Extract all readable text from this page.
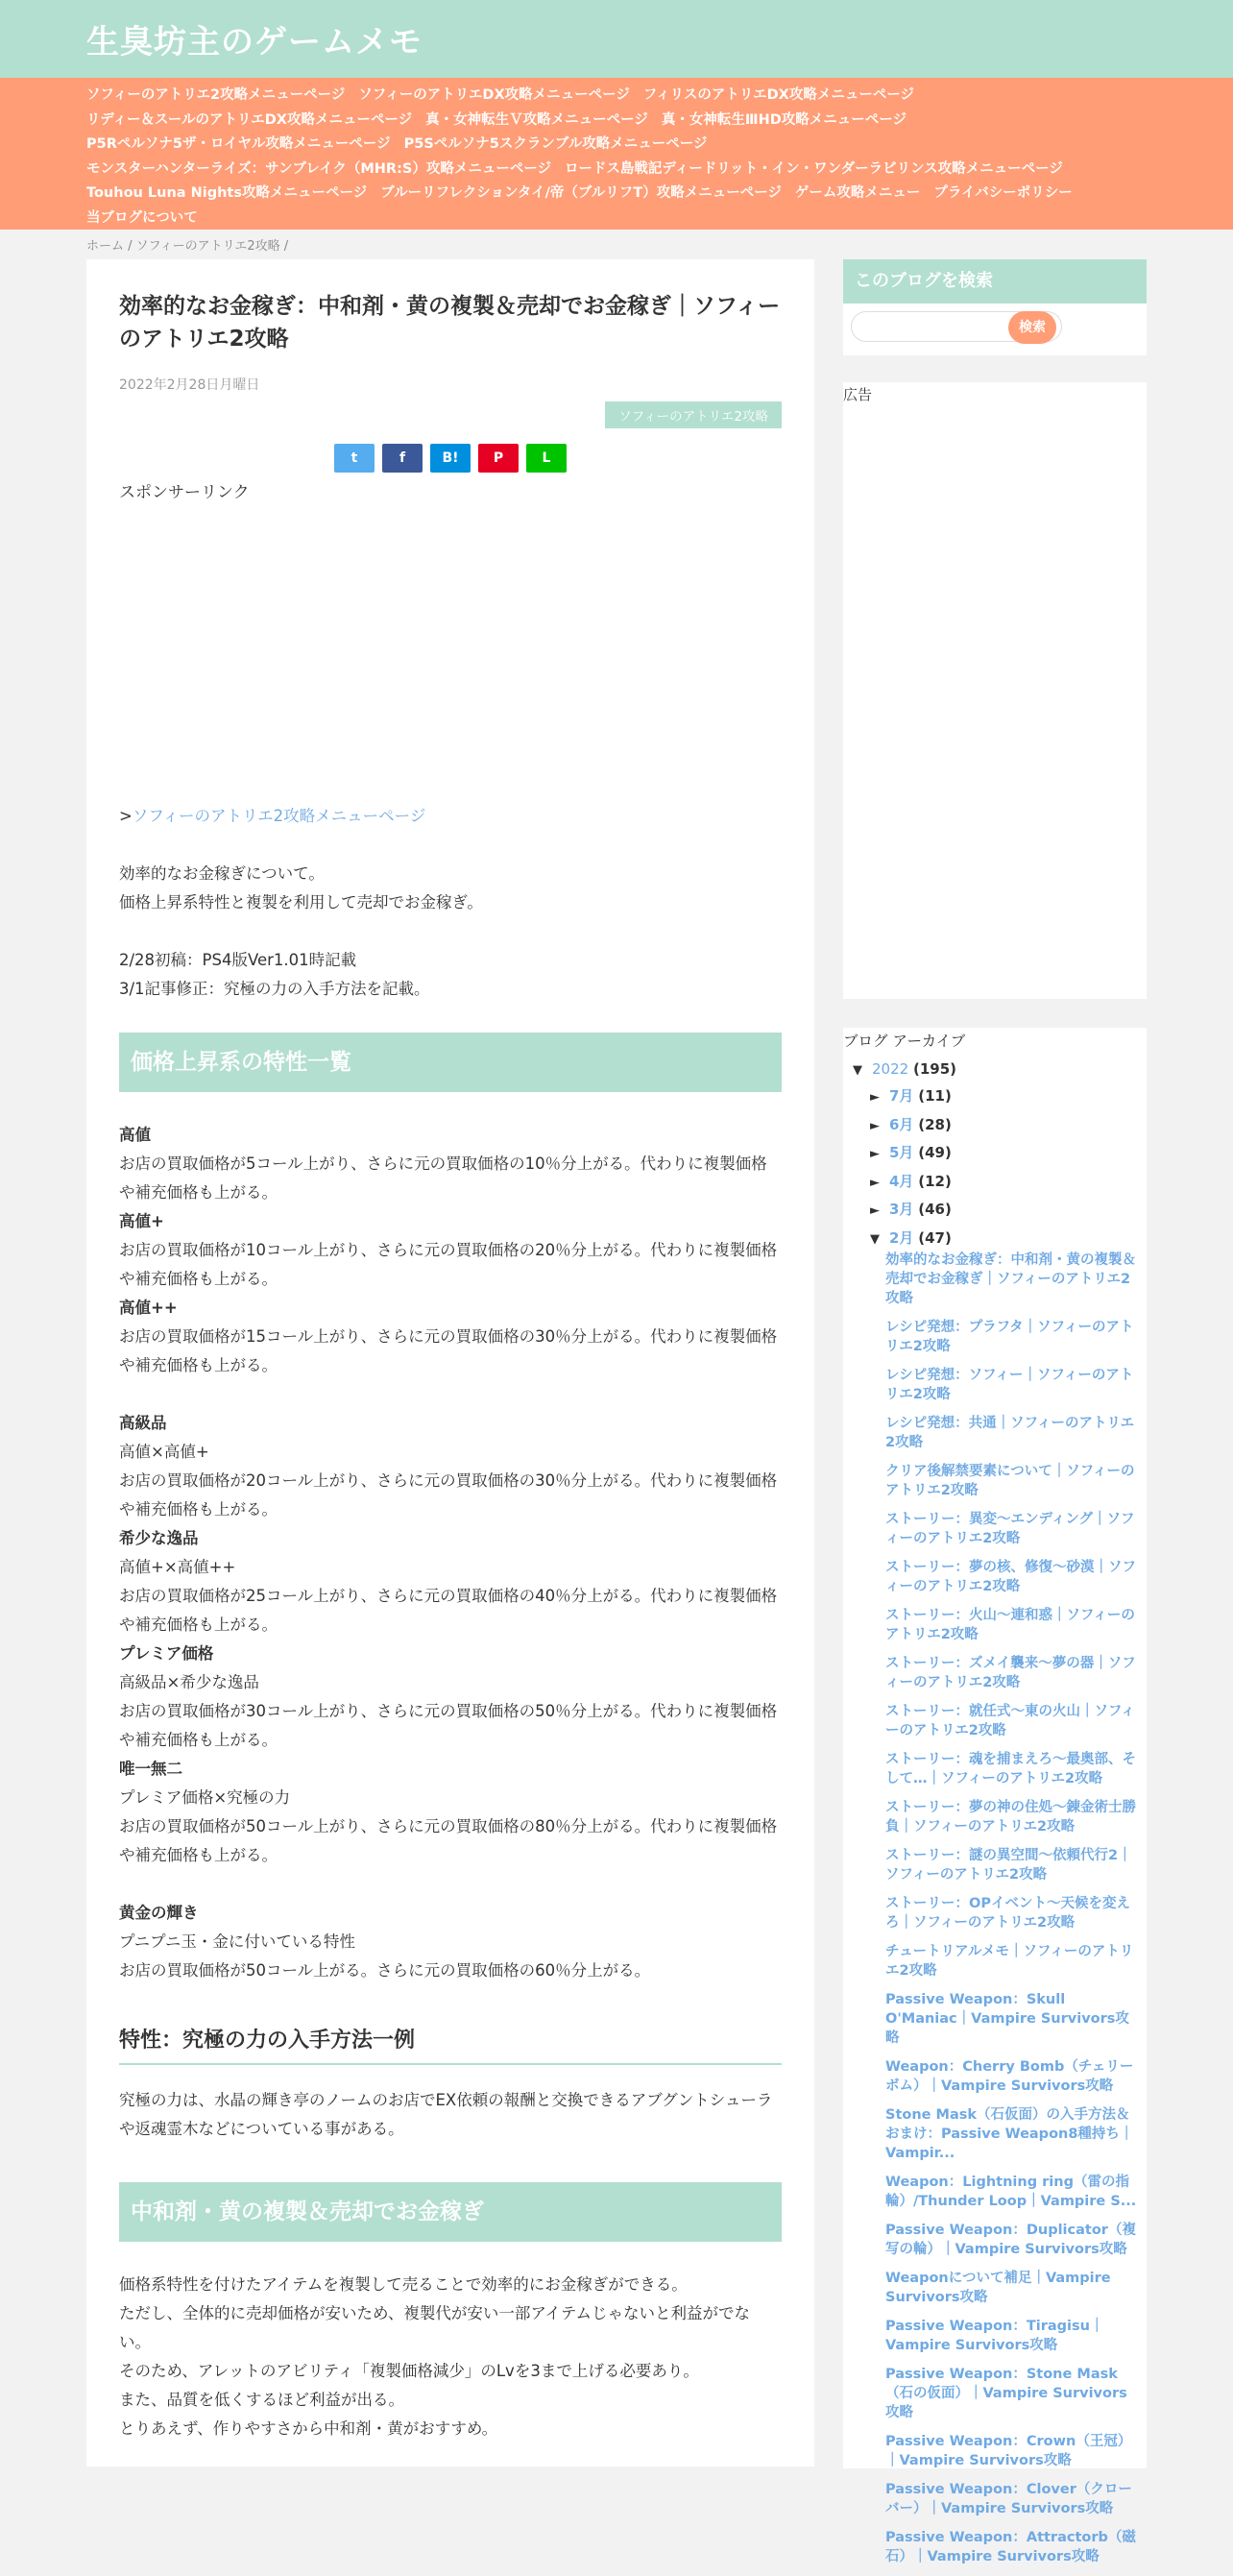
生臭坊主のゲームメモ
ソフィーのアトリエ2攻略メニューページ ソフィーのアトリエDX攻略メニューページ フィリスのアトリエDX攻略メニューページリディー＆スールのアトリエDX攻略メニューページ 真・女神転生Ｖ攻略メニューページ 真・女神転生ⅢHD攻略メニューページP5Rペルソナ5ザ・ロイヤル攻略メニューページ P5Sペルソナ5スクランブル攻略メニューページモンスターハンターライズ：サンブレイク（MHR:S）攻略メニューページ ロードス島戦記ディードリット・イン・ワンダーラビリンス攻略メニューページTouhou Luna Nights攻略メニューページ ブルーリフレクションタイ/帝（ブルリフT）攻略メニューページ ゲーム攻略メニュー プライバシーポリシー当ブログについて
ホーム / ソフィーのアトリエ2攻略 /
効率的なお金稼ぎ：中和剤・黄の複製＆売却でお金稼ぎ｜ソフィーのアトリエ2攻略
2022年2月28日月曜日
ソフィーのアトリエ2攻略
t	f	B!	P	L
スポンサーリンク

>ソフィーのアトリエ2攻略メニューページ

効率的なお金稼ぎについて。

価格上昇系特性と複製を利用して売却でお金稼ぎ。

2/28初稿：PS4版Ver1.01時記載

3/1記事修正：究極の力の入手方法を記載。

価格上昇系の特性一覧

高値

お店の買取価格が5コール上がり、さらに元の買取価格の10％分上がる。代わりに複製価格や補充価格も上がる。

高値+

お店の買取価格が10コール上がり、さらに元の買取価格の20％分上がる。代わりに複製価格や補充価格も上がる。

高値++

お店の買取価格が15コール上がり、さらに元の買取価格の30％分上がる。代わりに複製価格や補充価格も上がる。

高級品

高値×高値+

お店の買取価格が20コール上がり、さらに元の買取価格の30％分上がる。代わりに複製価格や補充価格も上がる。

希少な逸品

高値+×高値++

お店の買取価格が25コール上がり、さらに元の買取価格の40％分上がる。代わりに複製価格や補充価格も上がる。

プレミア価格

高級品×希少な逸品

お店の買取価格が30コール上がり、さらに元の買取価格の50％分上がる。代わりに複製価格や補充価格も上がる。

唯一無二

プレミア価格×究極の力

お店の買取価格が50コール上がり、さらに元の買取価格の80％分上がる。代わりに複製価格や補充価格も上がる。

黄金の輝き

プニプニ玉・金に付いている特性

お店の買取価格が50コール上がる。さらに元の買取価格の60％分上がる。

特性：究極の力の入手方法一例

究極の力は、水晶の輝き亭のノームのお店でEX依頼の報酬と交換できるアブグントシューラや返魂霊木などについている事がある。

中和剤・黄の複製＆売却でお金稼ぎ

価格系特性を付けたアイテムを複製して売ることで効率的にお金稼ぎができる。

ただし、全体的に売却価格が安いため、複製代が安い一部アイテムじゃないと利益がでない。

そのため、アレットのアビリティ「複製価格減少」のLvを3まで上げる必要あり。

また、品質を低くするほど利益が出る。

とりあえず、作りやすさから中和剤・黄がおすすめ。

このブログを検索
検索
広告
ブログ アーカイブ
▼ 2022 (195)
► 7月 (11)
► 6月 (28)
► 5月 (49)
► 4月 (12)
► 3月 (46)
▼ 2月 (47)
効率的なお金稼ぎ：中和剤・黄の複製＆売却でお金稼ぎ｜ソフィーのアトリエ2攻略
レシピ発想：プラフタ｜ソフィーのアトリエ2攻略
レシピ発想：ソフィー｜ソフィーのアトリエ2攻略
レシピ発想：共通｜ソフィーのアトリエ2攻略
クリア後解禁要素について｜ソフィーのアトリエ2攻略
ストーリー：異変～エンディング｜ソフィーのアトリエ2攻略
ストーリー：夢の核、修復～砂漠｜ソフィーのアトリエ2攻略
ストーリー：火山～連和惑｜ソフィーのアトリエ2攻略
ストーリー：ズメイ襲来～夢の器｜ソフィーのアトリエ2攻略
ストーリー：就任式～東の火山｜ソフィーのアトリエ2攻略
ストーリー：魂を捕まえろ～最奥部、そして…｜ソフィーのアトリエ2攻略
ストーリー：夢の神の住処～錬金術士勝負｜ソフィーのアトリエ2攻略
ストーリー：謎の異空間～依頼代行2｜ソフィーのアトリエ2攻略
ストーリー：OPイベント～天候を変えろ｜ソフィーのアトリエ2攻略
チュートリアルメモ｜ソフィーのアトリエ2攻略
Passive Weapon：Skull O'Maniac｜Vampire Survivors攻略
Weapon：Cherry Bomb（チェリーボム）｜Vampire Survivors攻略
Stone Mask（石仮面）の入手方法＆おまけ：Passive Weapon8種持ち｜Vampir...
Weapon：Lightning ring（雷の指輪）/Thunder Loop｜Vampire S...
Passive Weapon：Duplicator（複写の輪）｜Vampire Survivors攻略
Weaponについて補足｜Vampire Survivors攻略
Passive Weapon：Tiragisu｜Vampire Survivors攻略
Passive Weapon：Stone Mask（石の仮面）｜Vampire Survivors攻略
Passive Weapon：Crown（王冠）｜Vampire Survivors攻略
Passive Weapon：Clover（クローバー）｜Vampire Survivors攻略
Passive Weapon：Attractorb（磁石）｜Vampire Survivors攻略
